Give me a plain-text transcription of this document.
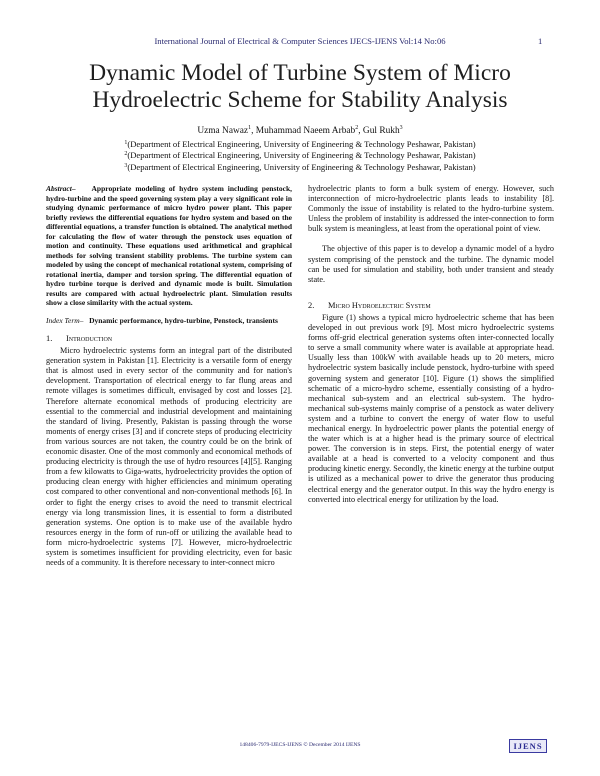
International Journal of Electrical & Computer Sciences IJECS-IJENS Vol:14 No:06	1
Dynamic Model of Turbine System of Micro
Hydroelectric Scheme for Stability Analysis
Uzma Nawaz$^1$, Muhammad Naeem Arbab$^2$, Gul Rukh$^3$
$^1$(Department of Electrical Engineering, University of Engineering & Technology Peshawar, Pakistan)
$^2$(Department of Electrical Engineering, University of Engineering & Technology Peshawar, Pakistan)
$^3$(Department of Electrical Engineering, University of Engineering & Technology Peshawar, Pakistan)

Abstract– Appropriate modeling of hydro system including penstock, hydro-turbine and the speed governing system play a very significant role in studying dynamic performance of micro hydro power plant. This paper briefly reviews the differential equations for hydro system and based on the differential equations, a transfer function is obtained. The analytical method for calculating the flow of water through the penstock uses equation of motion and continuity. These equations used arithmetical and graphical methods for solving transient stability problems. The turbine system can modeled by using the concept of mechanical rotational system, comprising of rotational inertia, damper and torsion spring. The differential equation of hydro turbine torque is derived and dynamic mode is built. Simulation results are compared with actual hydroelectric plant. Simulation results show a close similarity with the actual system.

Index Term– Dynamic performance, hydro-turbine, Penstock, transients

1. Introduction

Micro hydroelectric systems form an integral part of the distributed generation system in Pakistan [1]. Electricity is a versatile form of energy that is almost used in every sector of the community and for nation's development. Transportation of electrical energy to far flung areas and remote villages is sometimes difficult, envisaged by cost and losses [2]. Therefore alternate economical methods of producing electricity are essential to the commercial and industrial development and maintaining the standard of living. Presently, Pakistan is passing through the worse moments of energy crises [3] and if concrete steps of producing electricity from various sources are not taken, the country could be on the brink of economic disaster. One of the most commonly and economical methods of producing electricity is through the use of hydro resources [4][5]. Ranging from a few kilowatts to Giga-watts, hydroelectricity provides the option of producing clean energy with higher efficiencies and minimum operating cost compared to other conventional and non-conventional methods [6]. In order to fight the energy crises to avoid the need to transmit electrical energy via long transmission lines, it is essential to form a distributed generation systems. One option is to make use of the available hydro resources energy in the form of run-off or utilizing the available head to form micro-hydroelectric systems [7]. However, micro-hydroelectric system is sometimes insufficient for providing electricity, even for basic needs of a community. It is therefore necessary to inter-connect micro

hydroelectric plants to form a bulk system of energy. However, such interconnection of micro-hydroelectric plants leads to instability [8]. Commonly the issue of instability is related to the hydro-turbine system. Unless the problem of instability is addressed the inter-connection to form bulk system is meaningless, at least from the operational point of view.

The objective of this paper is to develop a dynamic model of a hydro system comprising of the penstock and the turbine. The dynamic model can be used for simulation and stability, both under transient and steady state.

2. Micro Hydroelectric System

Figure (1) shows a typical micro hydroelectric scheme that has been developed in out previous work [9]. Most micro hydroelectric systems forms off-grid electrical generation systems often inter-connected locally to serve a small community where water is available at appropriate head. Usually less than 100kW with available heads up to 20 meters, micro hydroelectric system basically include penstock, hydro-turbine with speed governing system and generator [10]. Figure (1) shows the simplified schematic of a micro-hydro scheme, essentially consisting of a hydro-mechanical sub-system and an electrical sub-system. The hydro-mechanical sub-systems mainly comprise of a penstock as water delivery system and a turbine to convert the energy of water flow to useful mechanical energy. In hydroelectric power plants the potential energy of the water which is at a higher head is the primary source of electrical power. The conversion is in steps. First, the potential energy of water available at a head is converted to a velocity component and thus producing kinetic energy. Secondly, the kinetic energy at the turbine output is utilized as a mechanical power to drive the generator thus producing electrical energy and the generator output. In this way the hydro energy is converted into electrical energy for utilization by the load.

148406-7979-IJECS-IJENS © December 2014 IJENS	IJENS
